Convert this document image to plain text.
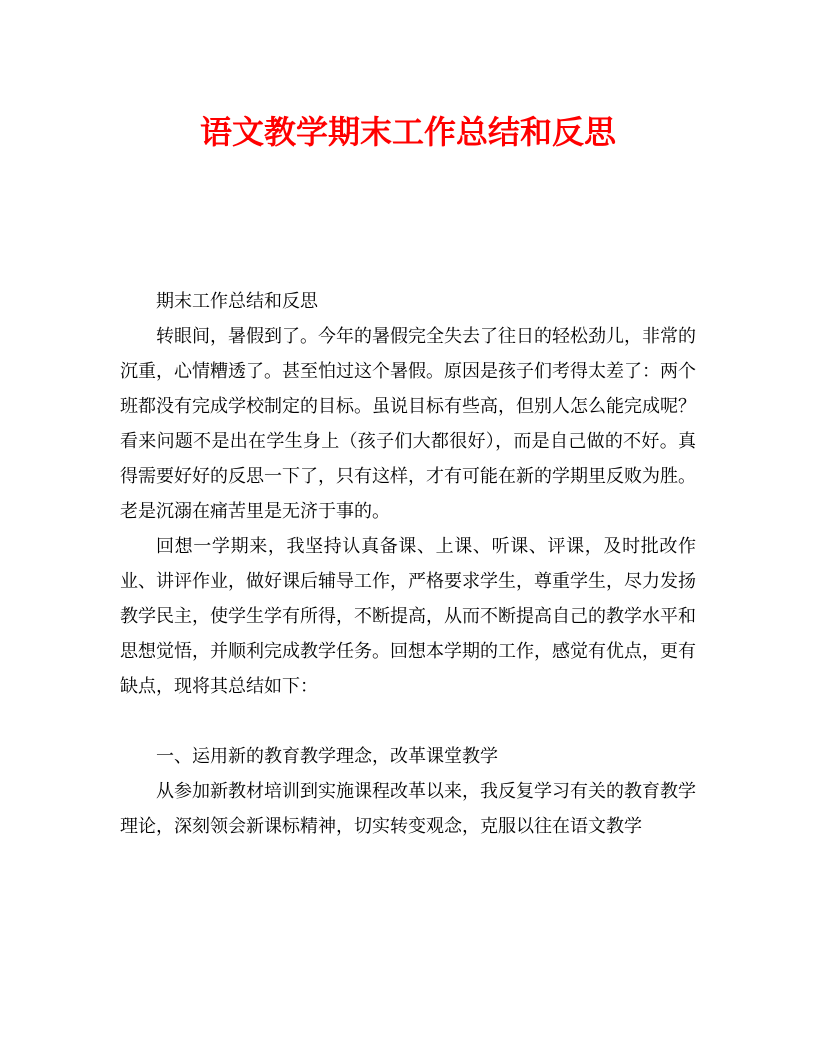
语文教学期末工作总结和反思

期末工作总结和反思

转眼间，暑假到了。今年的暑假完全失去了往日的轻松劲儿，非常的沉重，心情糟透了。甚至怕过这个暑假。原因是孩子们考得太差了：两个班都没有完成学校制定的目标。虽说目标有些高，但别人怎么能完成呢？看来问题不是出在学生身上（孩子们大都很好），而是自己做的不好。真得需要好好的反思一下了，只有这样，才有可能在新的学期里反败为胜。老是沉溺在痛苦里是无济于事的。

回想一学期来，我坚持认真备课、上课、听课、评课，及时批改作业、讲评作业，做好课后辅导工作，严格要求学生，尊重学生，尽力发扬教学民主，使学生学有所得，不断提高，从而不断提高自己的教学水平和思想觉悟，并顺利完成教学任务。回想本学期的工作，感觉有优点，更有缺点，现将其总结如下：

一、运用新的教育教学理念，改革课堂教学

从参加新教材培训到实施课程改革以来，我反复学习有关的教育教学理论，深刻领会新课标精神，切实转变观念，克服以往在语文教学
